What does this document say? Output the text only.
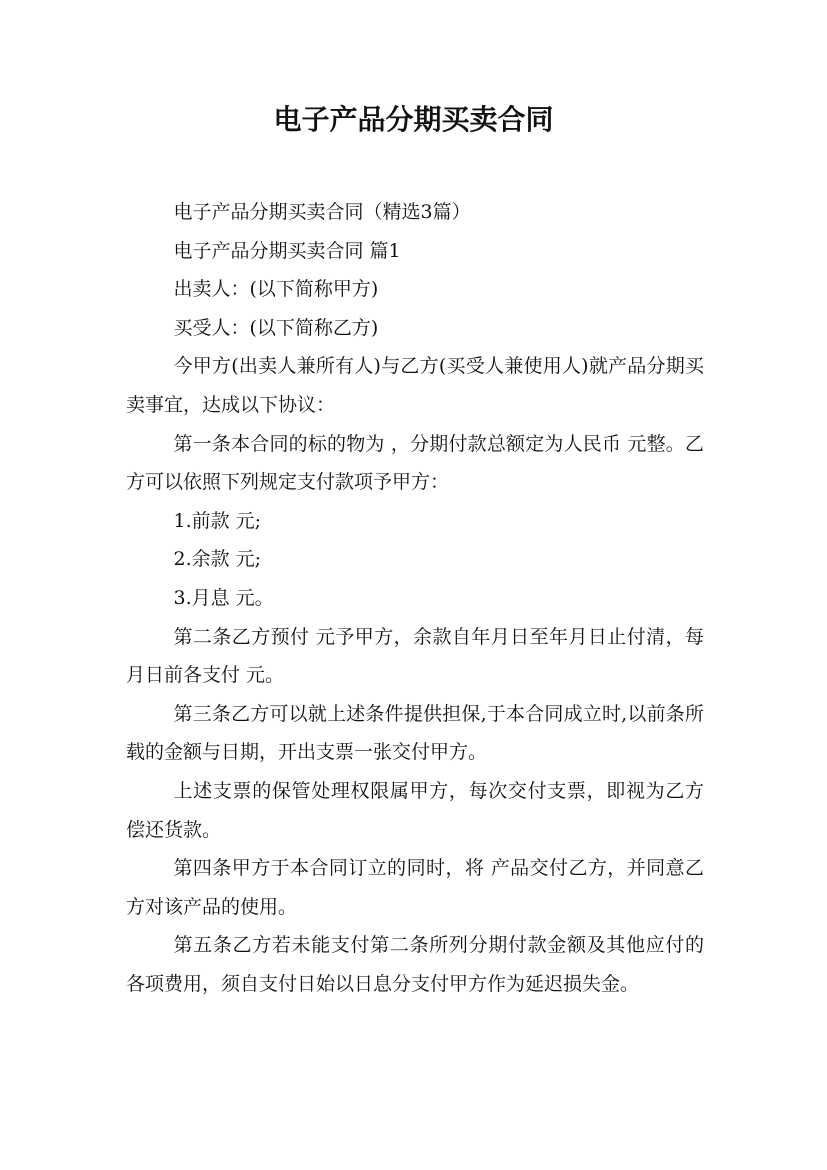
电子产品分期买卖合同

电子产品分期买卖合同（精选3篇）

电子产品分期买卖合同 篇1

出卖人：(以下简称甲方)

买受人：(以下简称乙方)

今甲方(出卖人兼所有人)与乙方(买受人兼使用人)就产品分期买卖事宜，达成以下协议：

第一条本合同的标的物为 ，分期付款总额定为人民币 元整。乙方可以依照下列规定支付款项予甲方：

1.前款 元;

2.余款 元;

3.月息 元。

第二条乙方预付 元予甲方，余款自年月日至年月日止付清，每月日前各支付 元。

第三条乙方可以就上述条件提供担保,于本合同成立时,以前条所载的金额与日期，开出支票一张交付甲方。

上述支票的保管处理权限属甲方，每次交付支票，即视为乙方偿还货款。

第四条甲方于本合同订立的同时，将 产品交付乙方，并同意乙方对该产品的使用。

第五条乙方若未能支付第二条所列分期付款金额及其他应付的各项费用，须自支付日始以日息分支付甲方作为延迟损失金。
